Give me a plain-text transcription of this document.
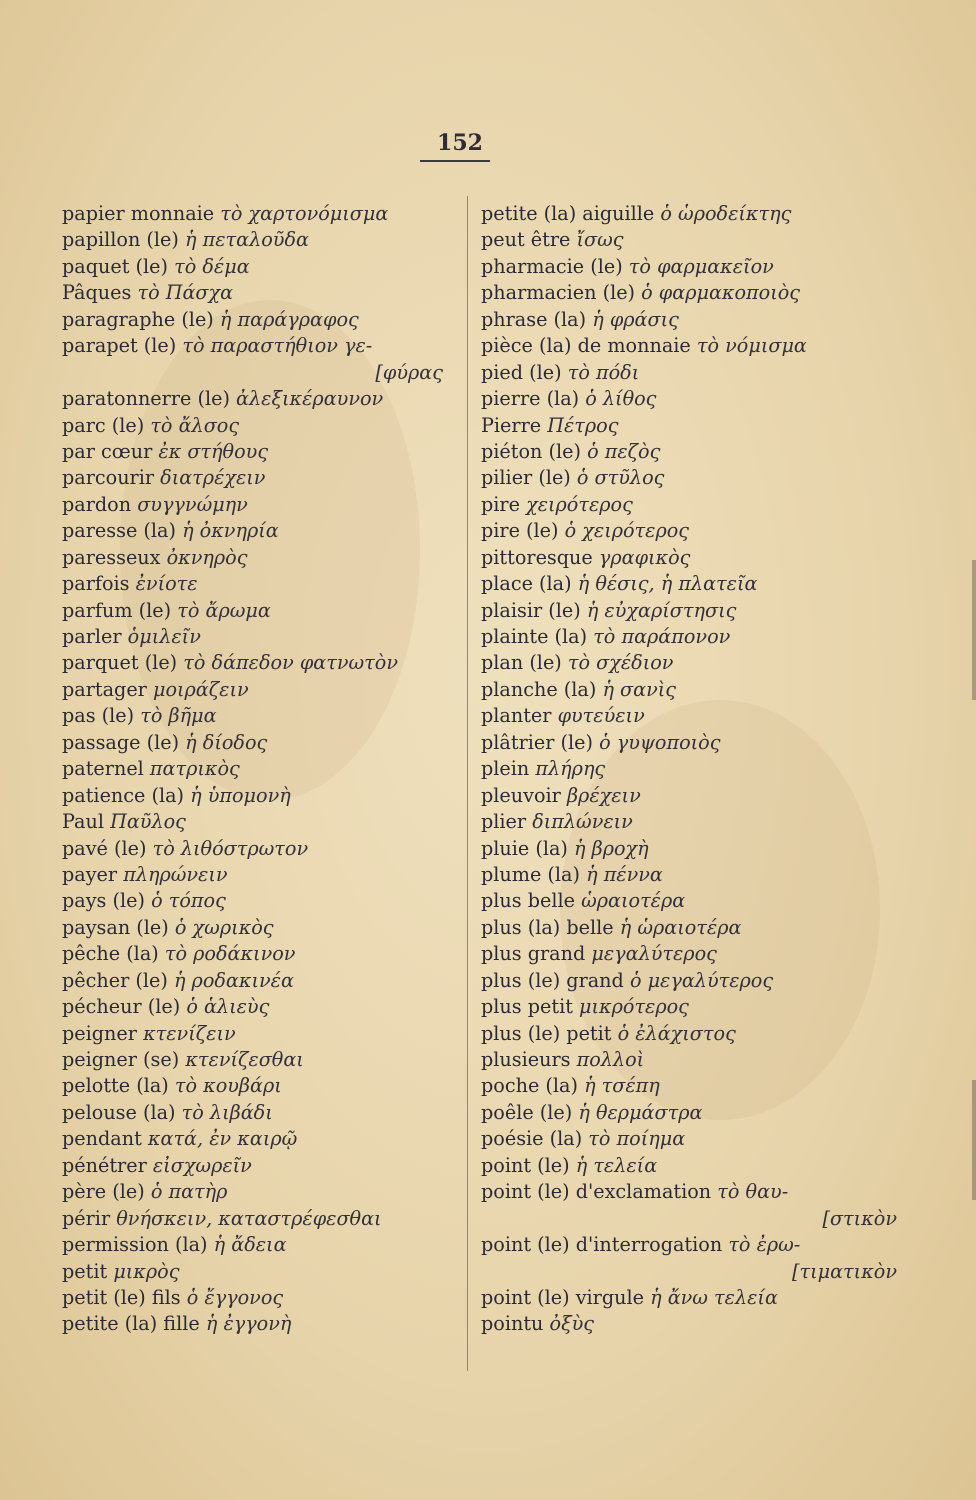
152
papier monnaie τὸ χαρτονόμισμα
papillon (le) ἡ πεταλοῦδα
paquet (le) τὸ δέμα
Pâques τὸ Πάσχα
paragraphe (le) ἡ παράγραφος
parapet (le) τὸ παραστήθιον γε-
[φύρας
paratonnerre (le) ἀλεξικέραυνον
parc (le) τὸ ἄλσος
par cœur ἐκ στήθους
parcourir διατρέχειν
pardon συγγνώμην
paresse (la) ἡ ὀκνηρία
paresseux ὀκνηρὸς
parfois ἐνίοτε
parfum (le) τὸ ἄρωμα
parler ὁμιλεῖν
parquet (le) τὸ δάπεδον φατνωτὸν
partager μοιράζειν
pas (le) τὸ βῆμα
passage (le) ἡ δίοδος
paternel πατρικὸς
patience (la) ἡ ὑπομονὴ
Paul Παῦλος
pavé (le) τὸ λιθόστρωτον
payer πληρώνειν
pays (le) ὁ τόπος
paysan (le) ὁ χωρικὸς
pêche (la) τὸ ροδάκινον
pêcher (le) ἡ ροδακινέα
pécheur (le) ὁ ἁλιεὺς
peigner κτενίζειν
peigner (se) κτενίζεσθαι
pelotte (la) τὸ κουβάρι
pelouse (la) τὸ λιβάδι
pendant κατά, ἐν καιρῷ
pénétrer εἰσχωρεῖν
père (le) ὁ πατὴρ
périr θνήσκειν, καταστρέφεσθαι
permission (la) ἡ ἄδεια
petit μικρὸς
petit (le) fils ὁ ἔγγονος
petite (la) fille ἡ ἐγγονὴ
petite (la) aiguille ὁ ὡροδείκτης
peut être ἴσως
pharmacie (le) τὸ φαρμακεῖον
pharmacien (le) ὁ φαρμακοποιὸς
phrase (la) ἡ φράσις
pièce (la) de monnaie τὸ νόμισμα
pied (le) τὸ πόδι
pierre (la) ὁ λίθος
Pierre Πέτρος
piéton (le) ὁ πεζὸς
pilier (le) ὁ στῦλος
pire χειρότερος
pire (le) ὁ χειρότερος
pittoresque γραφικὸς
place (la) ἡ θέσις, ἡ πλατεῖα
plaisir (le) ἡ εὐχαρίστησις
plainte (la) τὸ παράπονον
plan (le) τὸ σχέδιον
planche (la) ἡ σανὶς
planter φυτεύειν
plâtrier (le) ὁ γυψοποιὸς
plein πλήρης
pleuvoir βρέχειν
plier διπλώνειν
pluie (la) ἡ βροχὴ
plume (la) ἡ πέννα
plus belle ὡραιοτέρα
plus (la) belle ἡ ὡραιοτέρα
plus grand μεγαλύτερος
plus (le) grand ὁ μεγαλύτερος
plus petit μικρότερος
plus (le) petit ὁ ἐλάχιστος
plusieurs πολλοὶ
poche (la) ἡ τσέπη
poêle (le) ἡ θερμάστρα
poésie (la) τὸ ποίημα
point (le) ἡ τελεία
point (le) d'exclamation τὸ θαυ-
[στικὸν
point (le) d'interrogation τὸ ἐρω-
[τιματικὸν
point (le) virgule ἡ ἄνω τελεία
pointu ὀξὺς
